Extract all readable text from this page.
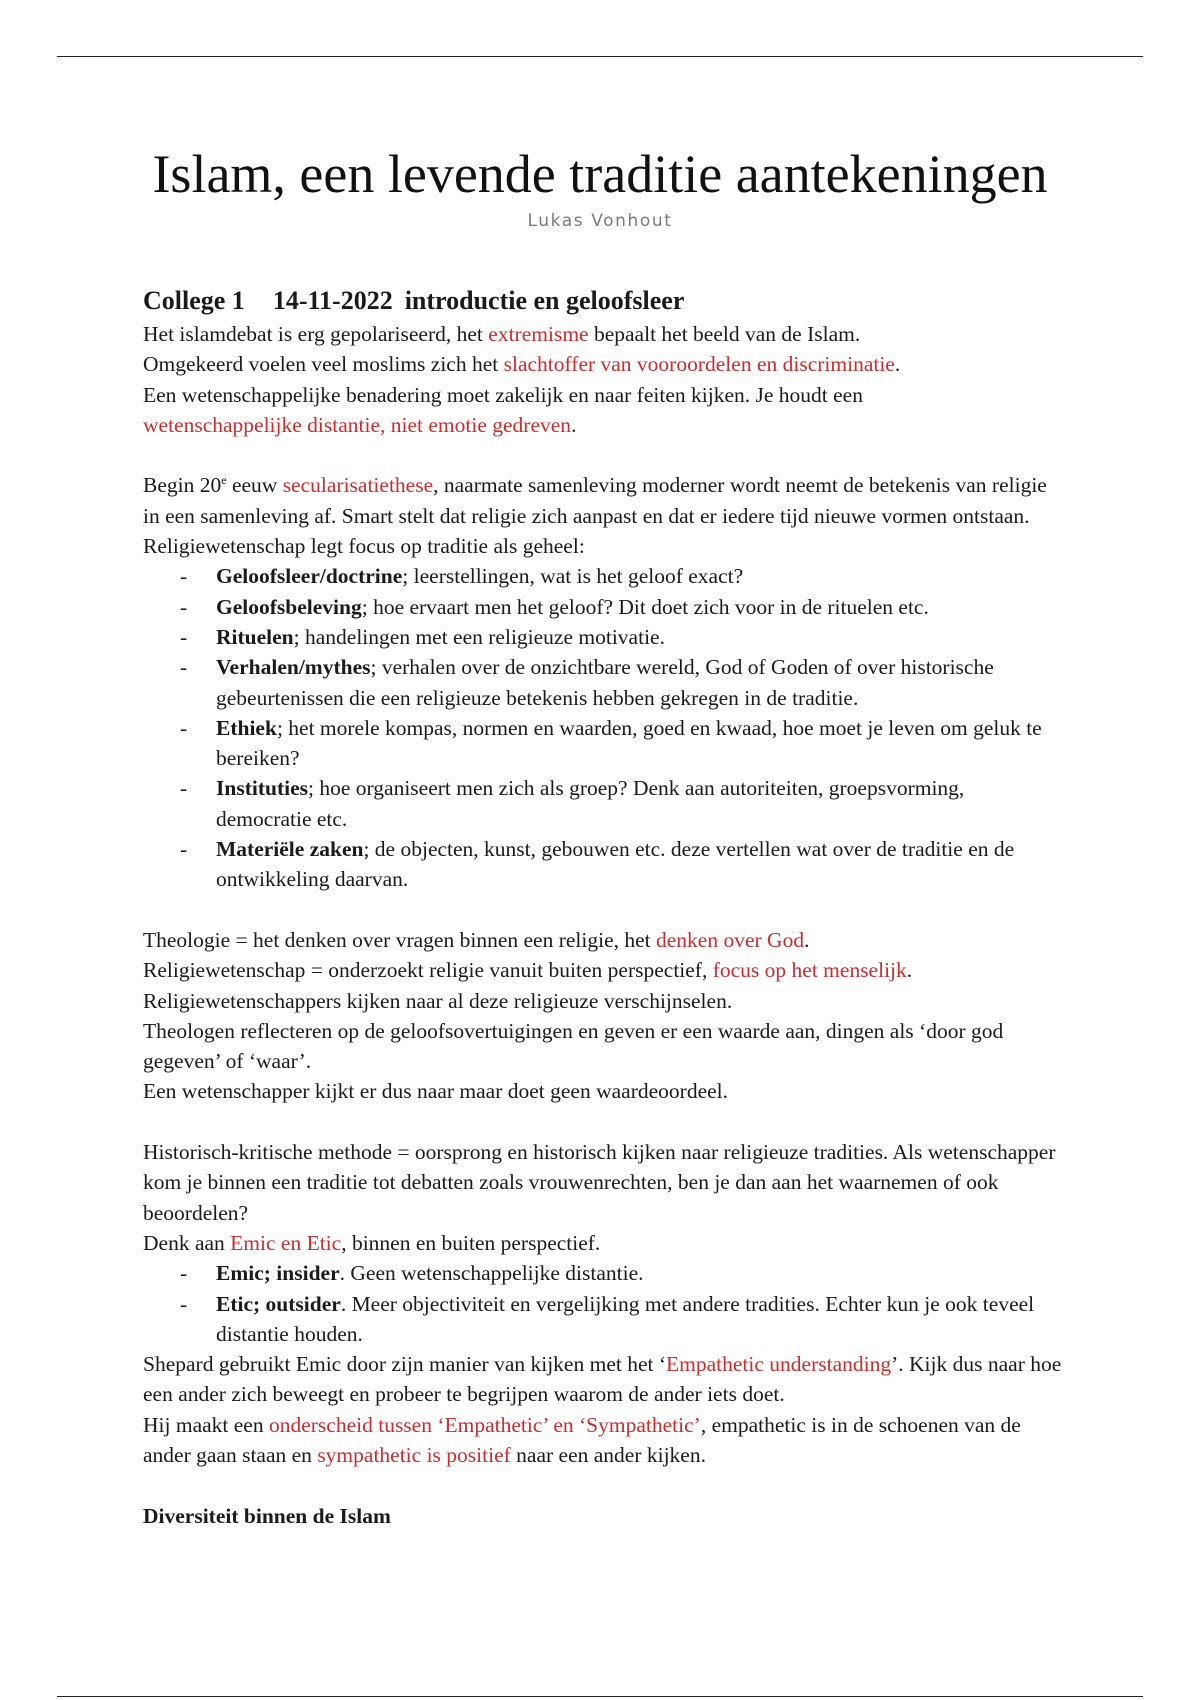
Islam, een levende traditie aantekeningen
Lukas Vonhout

College 1 14-11-2022 introductie en geloofsleer

Het islamdebat is erg gepolariseerd, het extremisme bepaalt het beeld van de Islam.
Omgekeerd voelen veel moslims zich het slachtoffer van vooroordelen en discriminatie.
Een wetenschappelijke benadering moet zakelijk en naar feiten kijken. Je houdt een
wetenschappelijke distantie, niet emotie gedreven.

Begin 20e eeuw secularisatiethese, naarmate samenleving moderner wordt neemt de betekenis van religie in een samenleving af. Smart stelt dat religie zich aanpast en dat er iedere tijd nieuwe vormen ontstaan.

Religiewetenschap legt focus op traditie als geheel:

- Geloofsleer/doctrine; leerstellingen, wat is het geloof exact?
- Geloofsbeleving; hoe ervaart men het geloof? Dit doet zich voor in de rituelen etc.
- Rituelen; handelingen met een religieuze motivatie.
- Verhalen/mythes; verhalen over de onzichtbare wereld, God of Goden of over historische gebeurtenissen die een religieuze betekenis hebben gekregen in de traditie.
- Ethiek; het morele kompas, normen en waarden, goed en kwaad, hoe moet je leven om geluk te bereiken?
- Instituties; hoe organiseert men zich als groep? Denk aan autoriteiten, groepsvorming, democratie etc.
- Materiële zaken; de objecten, kunst, gebouwen etc. deze vertellen wat over de traditie en de ontwikkeling daarvan.

Theologie = het denken over vragen binnen een religie, het denken over God.
Religiewetenschap = onderzoekt religie vanuit buiten perspectief, focus op het menselijk.
Religiewetenschappers kijken naar al deze religieuze verschijnselen.
Theologen reflecteren op de geloofsovertuigingen en geven er een waarde aan, dingen als ‘door god gegeven’ of ‘waar’.
Een wetenschapper kijkt er dus naar maar doet geen waardeoordeel.

Historisch-kritische methode = oorsprong en historisch kijken naar religieuze tradities. Als wetenschapper kom je binnen een traditie tot debatten zoals vrouwenrechten, ben je dan aan het waarnemen of ook beoordelen?
Denk aan Emic en Etic, binnen en buiten perspectief.

- Emic; insider. Geen wetenschappelijke distantie.
- Etic; outsider. Meer objectiviteit en vergelijking met andere tradities. Echter kun je ook teveel distantie houden.

Shepard gebruikt Emic door zijn manier van kijken met het ‘Empathetic understanding’. Kijk dus naar hoe een ander zich beweegt en probeer te begrijpen waarom de ander iets doet.
Hij maakt een onderscheid tussen ‘Empathetic’ en ‘Sympathetic’, empathetic is in de schoenen van de ander gaan staan en sympathetic is positief naar een ander kijken.

Diversiteit binnen de Islam
